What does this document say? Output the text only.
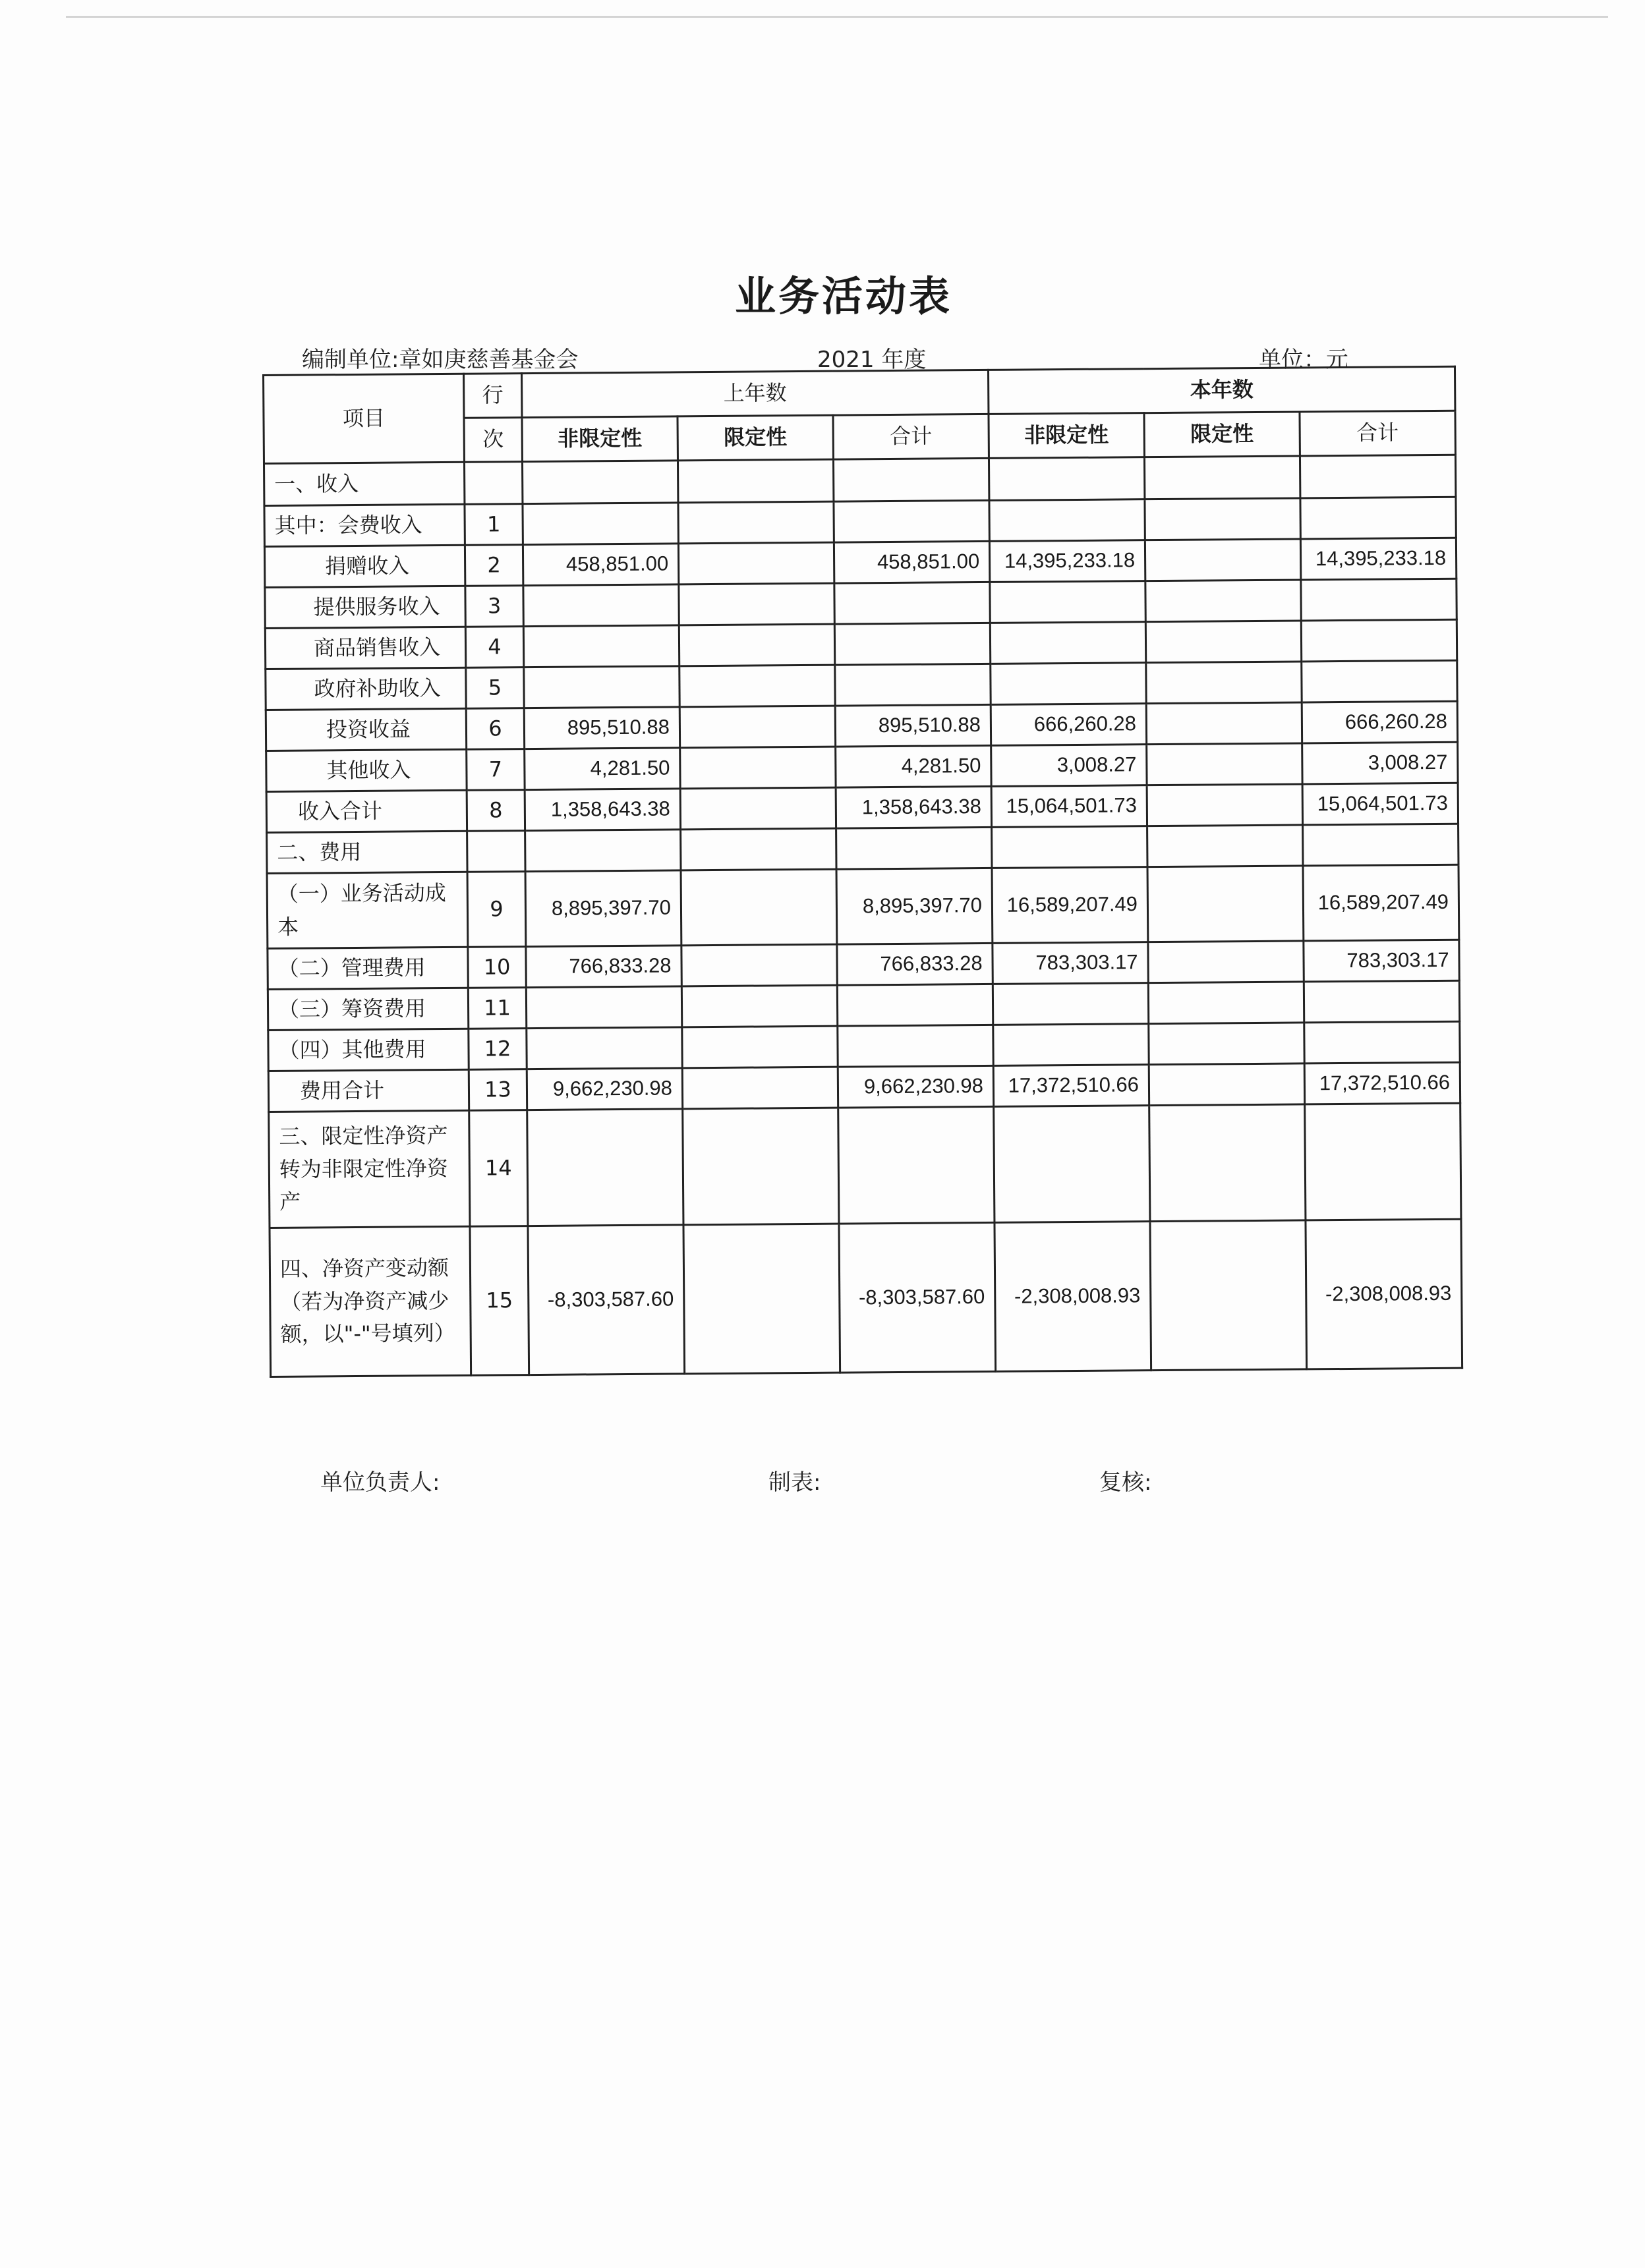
业务活动表
编制单位:章如庚慈善基金会	2021 年度	单位：元
项目	行	上年数			本年数		
	次	非限定性	限定性	合计	非限定性	限定性	合计
一、收入							
其中：会费收入	1						
捐赠收入	2	458,851.00		458,851.00	14,395,233.18		14,395,233.18
提供服务收入	3						
商品销售收入	4						
政府补助收入	5						
投资收益	6	895,510.88		895,510.88	666,260.28		666,260.28
其他收入	7	4,281.50		4,281.50	3,008.27		3,008.27
收入合计	8	1,358,643.38		1,358,643.38	15,064,501.73		15,064,501.73
二、费用							
（一）业务活动成本	9	8,895,397.70		8,895,397.70	16,589,207.49		16,589,207.49
（二）管理费用	10	766,833.28		766,833.28	783,303.17		783,303.17
（三）筹资费用	11						
（四）其他费用	12						
费用合计	13	9,662,230.98		9,662,230.98	17,372,510.66		17,372,510.66
三、限定性净资产转为非限定性净资产	14						
四、净资产变动额（若为净资产减少额，以"-"号填列）	15	-8,303,587.60		-8,303,587.60	-2,308,008.93		-2,308,008.93
单位负责人:	制表:	复核:
